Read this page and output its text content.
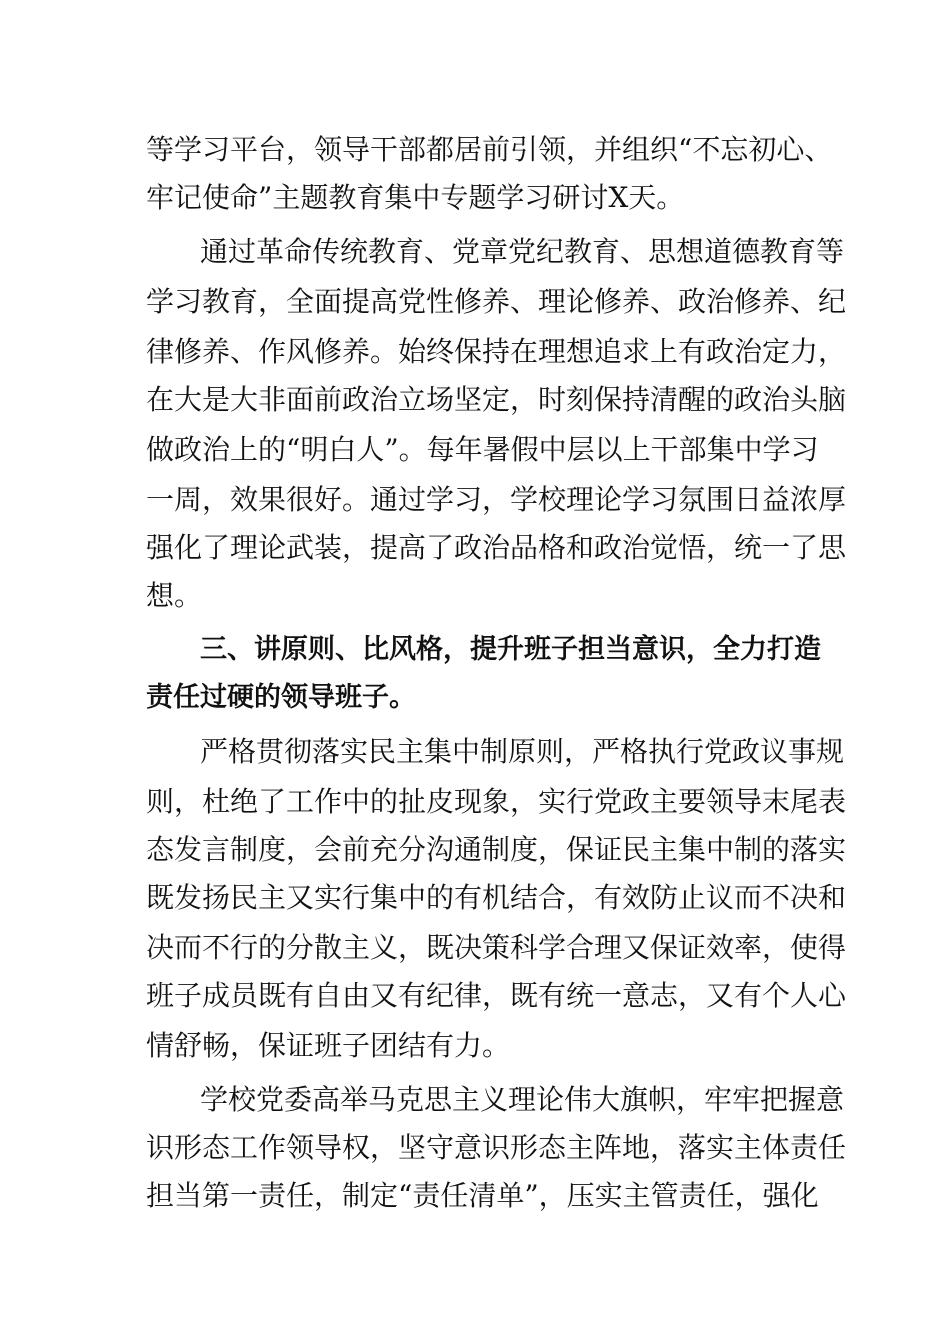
等学习平台，领导干部都居前引领，并组织“不忘初心、
牢记使命”主题教育集中专题学习研讨X天。
通过革命传统教育、党章党纪教育、思想道德教育等
学习教育，全面提高党性修养、理论修养、政治修养、纪
律修养、作风修养。始终保持在理想追求上有政治定力，
在大是大非面前政治立场坚定，时刻保持清醒的政治头脑
做政治上的“明白人”。每年暑假中层以上干部集中学习
一周，效果很好。通过学习，学校理论学习氛围日益浓厚
强化了理论武装，提高了政治品格和政治觉悟，统一了思
想。
三、讲原则、比风格，提升班子担当意识，全力打造
责任过硬的领导班子。
严格贯彻落实民主集中制原则，严格执行党政议事规
则，杜绝了工作中的扯皮现象，实行党政主要领导末尾表
态发言制度，会前充分沟通制度，保证民主集中制的落实
既发扬民主又实行集中的有机结合，有效防止议而不决和
决而不行的分散主义，既决策科学合理又保证效率，使得
班子成员既有自由又有纪律，既有统一意志，又有个人心
情舒畅，保证班子团结有力。
学校党委高举马克思主义理论伟大旗帜，牢牢把握意
识形态工作领导权，坚守意识形态主阵地，落实主体责任
担当第一责任，制定“责任清单”，压实主管责任，强化
